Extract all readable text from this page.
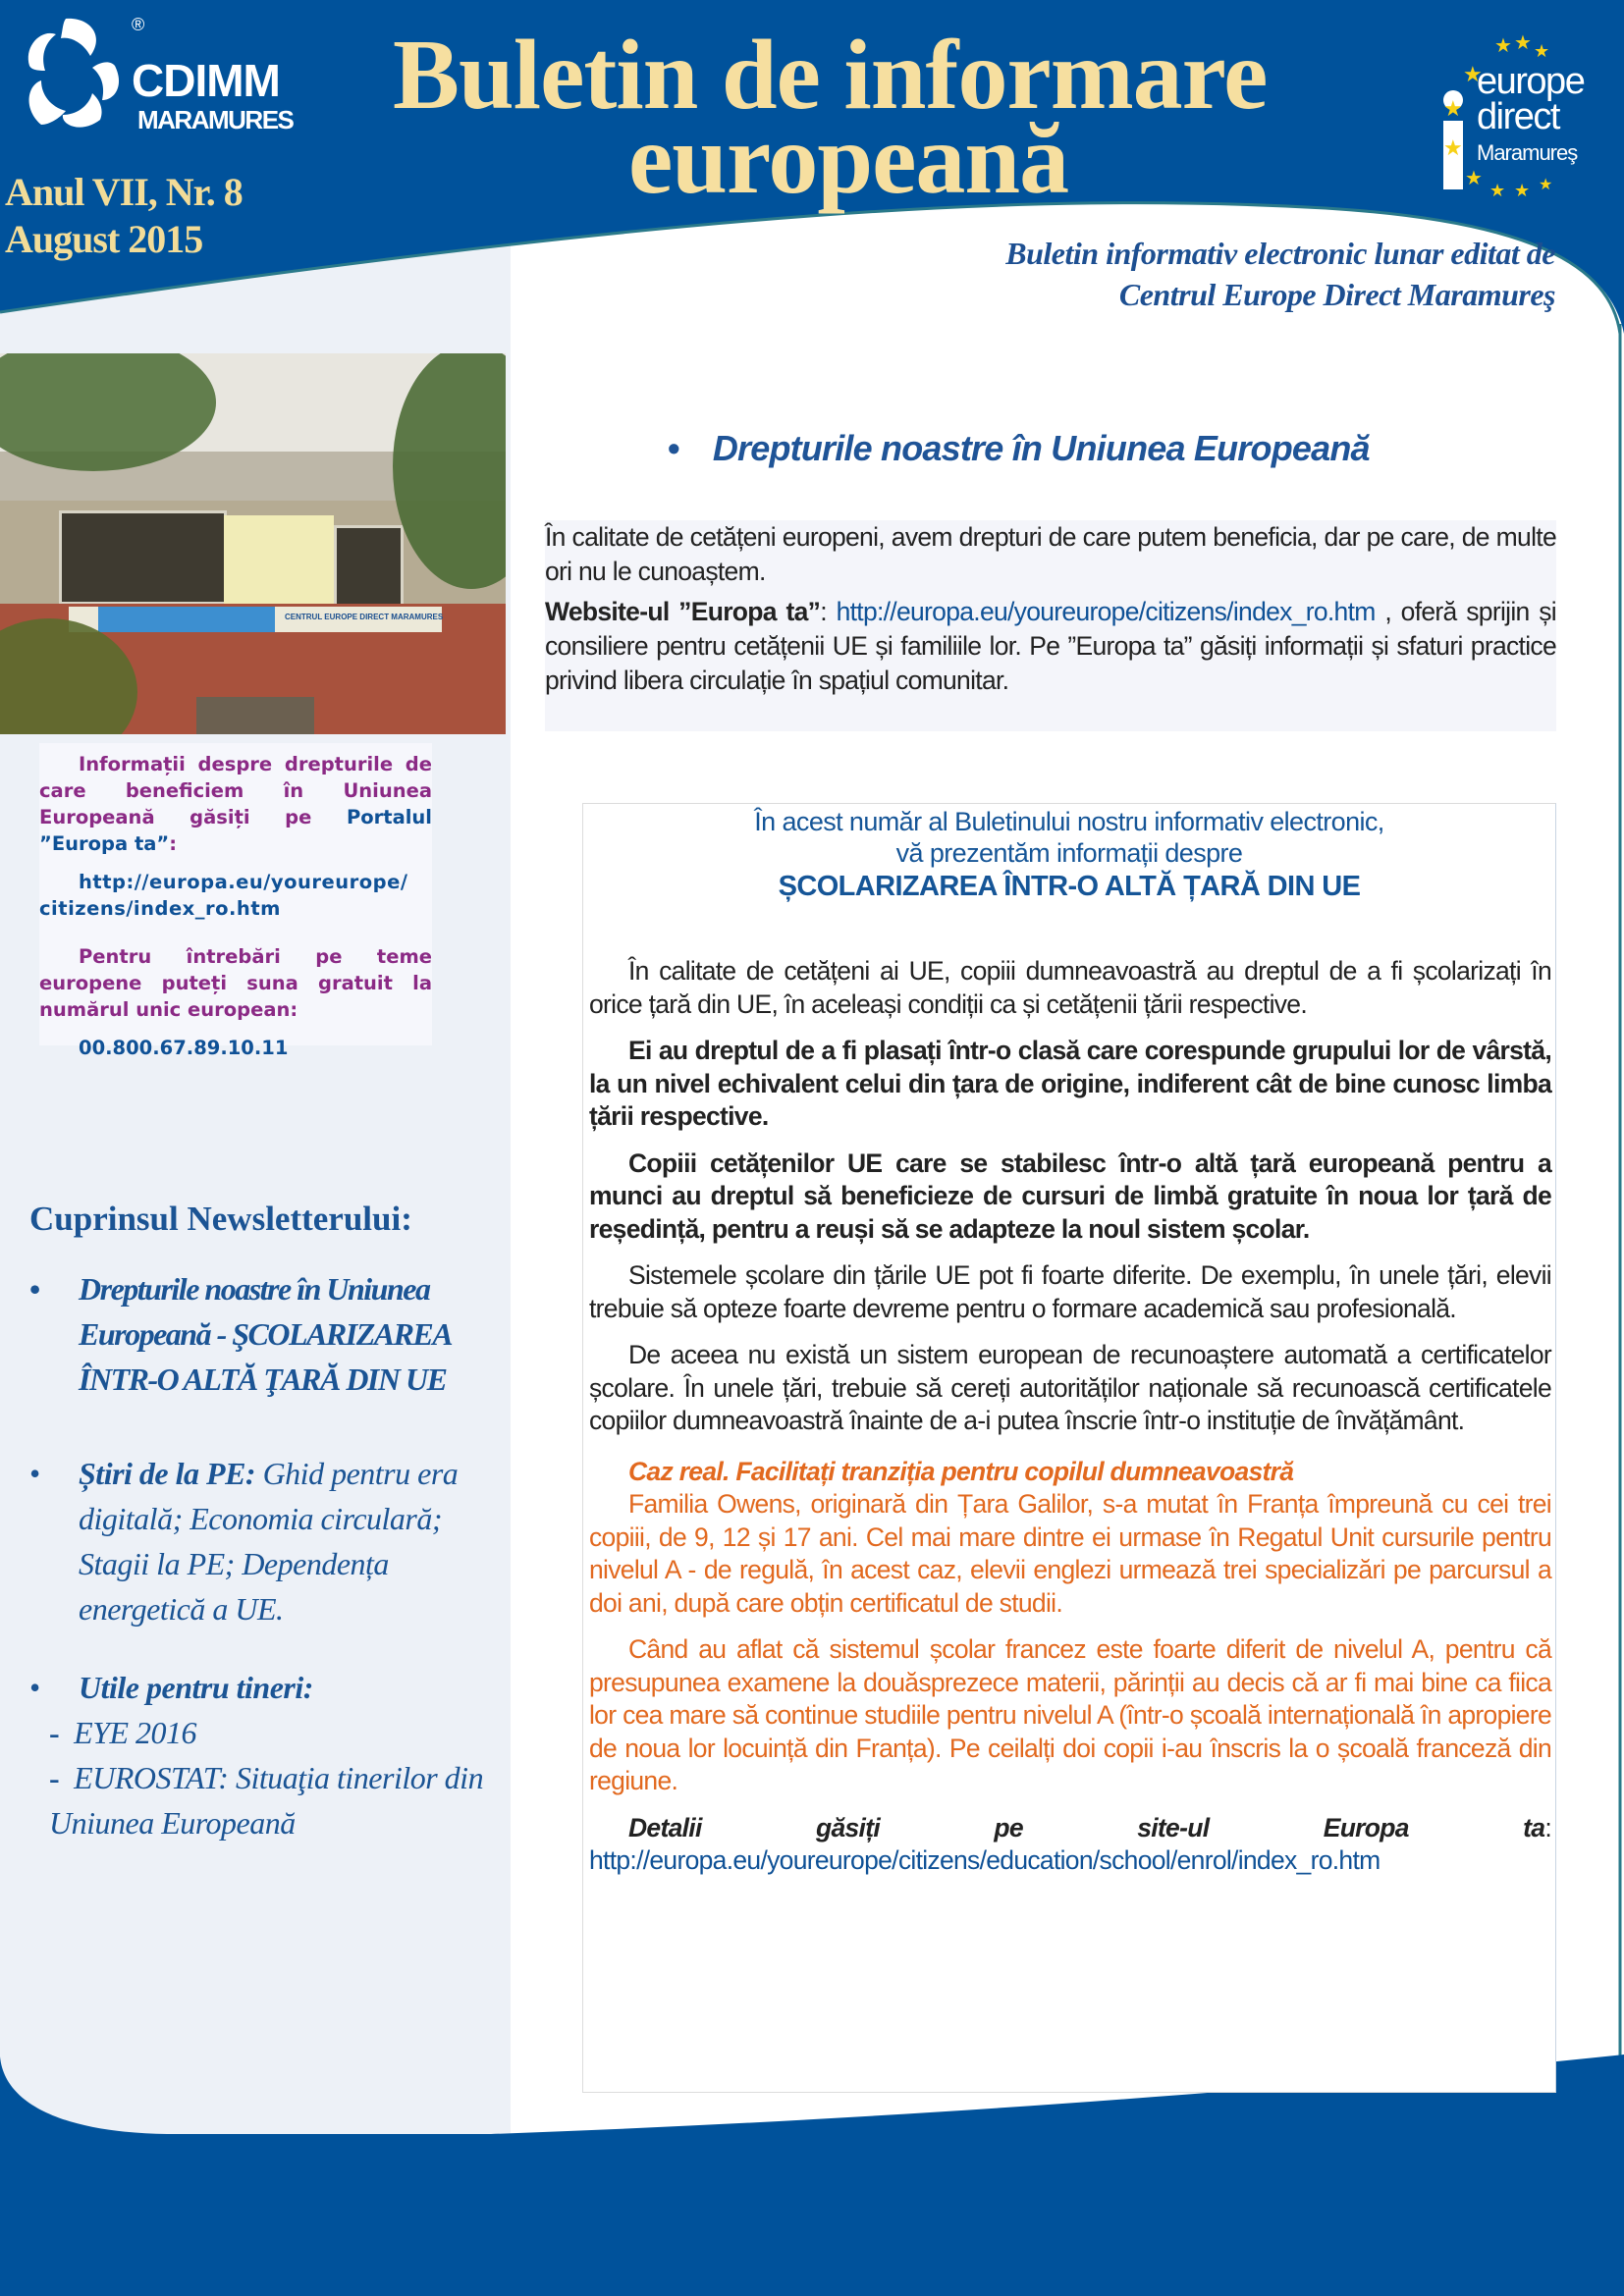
®
CDIMM
MARAMURES Buletin de informare
europeană
Anul VII, Nr. 8
August 2015
★ ★ ★
★
★
★
★
★ ★ ★
europe
direct
Maramureş
Buletin informativ electronic lunar editat de
Centrul Europe Direct Maramureş
CENTRUL EUROPE DIRECT MARAMURES

Informații despre drepturile de care beneficiem în Uniunea Europeană găsiți pe Portalul ”Europa ta”:

http://europa.eu/youreurope/ citizens/index_ro.htm

Pentru întrebări pe teme europene puteți suna gratuit la numărul unic european:

00.800.67.89.10.11

Cuprinsul Newsletterului:
• Drepturile noastre în Uniunea Europeană - ŞCOLARIZAREA ÎNTR-O ALTĂ ŢARĂ DIN UE
• Știri de la PE: Ghid pentru era digitală; Economia circulară; Stagii la PE; Dependența energetică a UE.
• Utile pentru tineri:
- EYE 2016
- EUROSTAT: Situaţia tinerilor din Uniunea Europeană
• Drepturile noastre în Uniunea Europeană

În calitate de cetățeni europeni, avem drepturi de care putem beneficia, dar pe care, de multe ori nu le cunoaștem.

Website-ul ”Europa ta”: http://europa.eu/youreurope/citizens/index_ro.htm , oferă sprijin și consiliere pentru cetățenii UE și familiile lor. Pe ”Europa ta” găsiți informații și sfaturi practice privind libera circulație în spațiul comunitar.

În acest număr al Buletinului nostru informativ electronic,
vă prezentăm informații despre
ȘCOLARIZAREA ÎNTR-O ALTĂ ȚARĂ DIN UE

În calitate de cetățeni ai UE, copiii dumneavoastră au dreptul de a fi școlarizați în orice țară din UE, în aceleași condiții ca și cetățenii țării respective.

Ei au dreptul de a fi plasați într-o clasă care corespunde grupului lor de vârstă, la un nivel echivalent celui din țara de origine, indiferent cât de bine cunosc limba țării respective.

Copiii cetățenilor UE care se stabilesc într-o altă țară europeană pentru a munci au dreptul să beneficieze de cursuri de limbă gratuite în noua lor țară de reședință, pentru a reuși să se adapteze la noul sistem școlar.

Sistemele școlare din țările UE pot fi foarte diferite. De exemplu, în unele țări, elevii trebuie să opteze foarte devreme pentru o formare academică sau profesională.

De aceea nu există un sistem european de recunoaștere automată a certificatelor școlare. În unele țări, trebuie să cereți autorităților naționale să recunoască certificatele copiilor dumneavoastră înainte de a-i putea înscrie într-o instituție de învățământ.

Caz real. Facilitați tranziția pentru copilul dumneavoastră

Familia Owens, originară din Țara Galilor, s-a mutat în Franța împreună cu cei trei copiii, de 9, 12 și 17 ani. Cel mai mare dintre ei urmase în Regatul Unit cursurile pentru nivelul A - de regulă, în acest caz, elevii englezi urmează trei specializări pe parcursul a doi ani, după care obțin certificatul de studii.

Când au aflat că sistemul școlar francez este foarte diferit de nivelul A, pentru că presupunea examene la douăsprezece materii, părinții au decis că ar fi mai bine ca fiica lor cea mare să continue studiile pentru nivelul A (într-o școală internațională în apropiere de noua lor locuință din Franța). Pe ceilalți doi copii i-au înscris la o școală franceză din regiune.

Detalii găsiți pe site-ul Europa ta: http://europa.eu/youreurope/citizens/education/school/enrol/index_ro.htm
